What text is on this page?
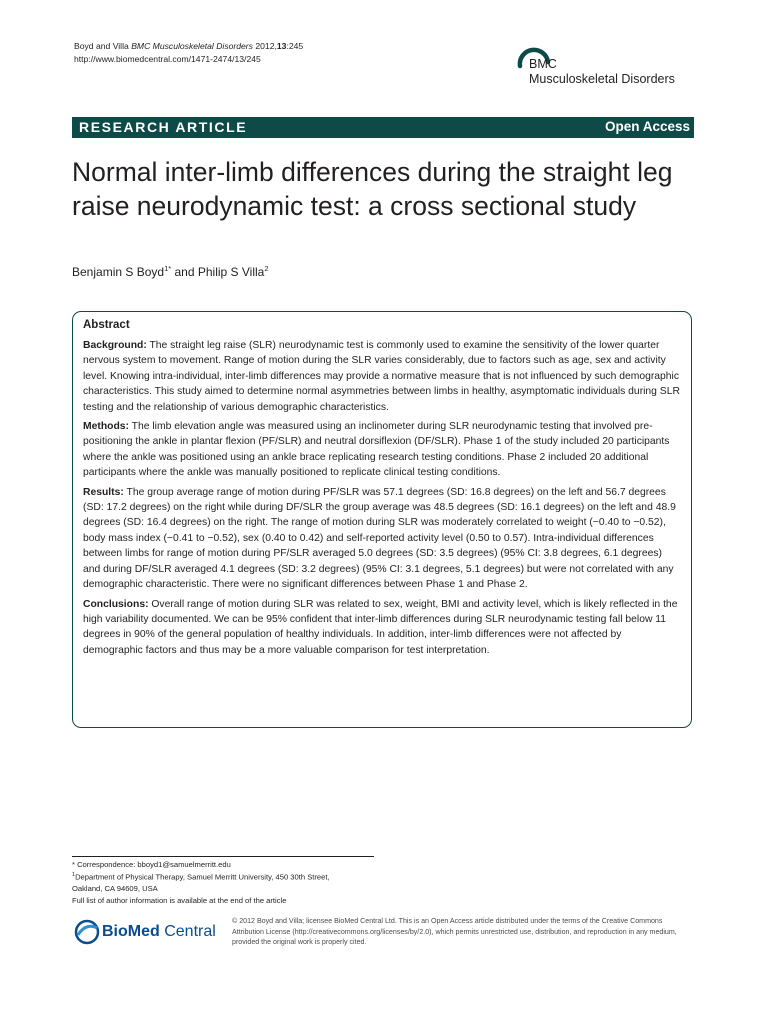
Boyd and Villa BMC Musculoskeletal Disorders 2012,13:245
http://www.biomedcentral.com/1471-2474/13/245	BMC
Musculoskeletal Disorders
RESEARCH ARTICLE	Open Access
Normal inter-limb differences during the straight leg raise neurodynamic test: a cross sectional study
Benjamin S Boyd$^{1*}$ and Philip S Villa$^2$
Abstract

Background: The straight leg raise (SLR) neurodynamic test is commonly used to examine the sensitivity of the lower quarter nervous system to movement. Range of motion during the SLR varies considerably, due to factors such as age, sex and activity level. Knowing intra-individual, inter-limb differences may provide a normative measure that is not influenced by such demographic characteristics. This study aimed to determine normal asymmetries between limbs in healthy, asymptomatic individuals during SLR testing and the relationship of various demographic characteristics.

Methods: The limb elevation angle was measured using an inclinometer during SLR neurodynamic testing that involved pre-positioning the ankle in plantar flexion (PF/SLR) and neutral dorsiflexion (DF/SLR). Phase 1 of the study included 20 participants where the ankle was positioned using an ankle brace replicating research testing conditions. Phase 2 included 20 additional participants where the ankle was manually positioned to replicate clinical testing conditions.

Results: The group average range of motion during PF/SLR was 57.1 degrees (SD: 16.8 degrees) on the left and 56.7 degrees (SD: 17.2 degrees) on the right while during DF/SLR the group average was 48.5 degrees (SD: 16.1 degrees) on the left and 48.9 degrees (SD: 16.4 degrees) on the right. The range of motion during SLR was moderately correlated to weight (−0.40 to −0.52), body mass index (−0.41 to −0.52), sex (0.40 to 0.42) and self-reported activity level (0.50 to 0.57). Intra-individual differences between limbs for range of motion during PF/SLR averaged 5.0 degrees (SD: 3.5 degrees) (95% CI: 3.8 degrees, 6.1 degrees) and during DF/SLR averaged 4.1 degrees (SD: 3.2 degrees) (95% CI: 3.1 degrees, 5.1 degrees) but were not correlated with any demographic characteristic. There were no significant differences between Phase 1 and Phase 2.

Conclusions: Overall range of motion during SLR was related to sex, weight, BMI and activity level, which is likely reflected in the high variability documented. We can be 95% confident that inter-limb differences during SLR neurodynamic testing fall below 11 degrees in 90% of the general population of healthy individuals. In addition, inter-limb differences were not affected by demographic factors and thus may be a more valuable comparison for test interpretation.

* Correspondence: bboyd1@samuelmerritt.edu
$^1$Department of Physical Therapy, Samuel Merritt University, 450 30th Street,
Oakland, CA 94609, USA
Full list of author information is available at the end of the article
BioMed Central
© 2012 Boyd and Villa; licensee BioMed Central Ltd. This is an Open Access article distributed under the terms of the Creative Commons Attribution License (http://creativecommons.org/licenses/by/2.0), which permits unrestricted use, distribution, and reproduction in any medium, provided the original work is properly cited.
